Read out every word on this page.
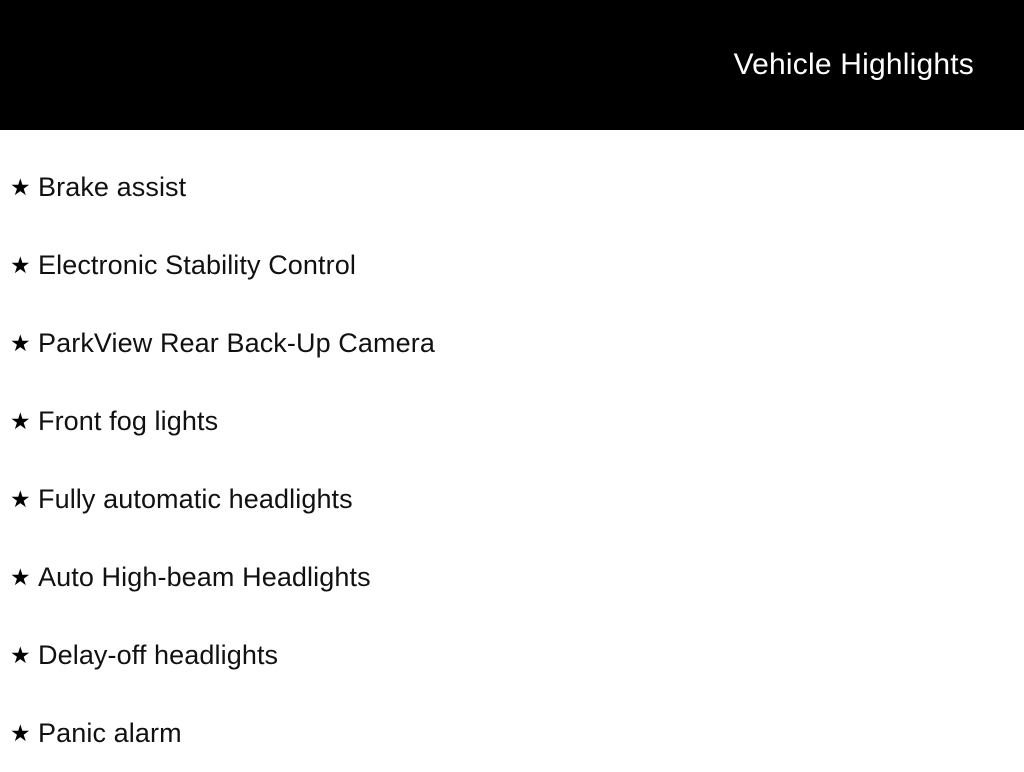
Vehicle Highlights
★ Brake assist
★ Electronic Stability Control
★ ParkView Rear Back-Up Camera
★ Front fog lights
★ Fully automatic headlights
★ Auto High-beam Headlights
★ Delay-off headlights
★ Panic alarm
